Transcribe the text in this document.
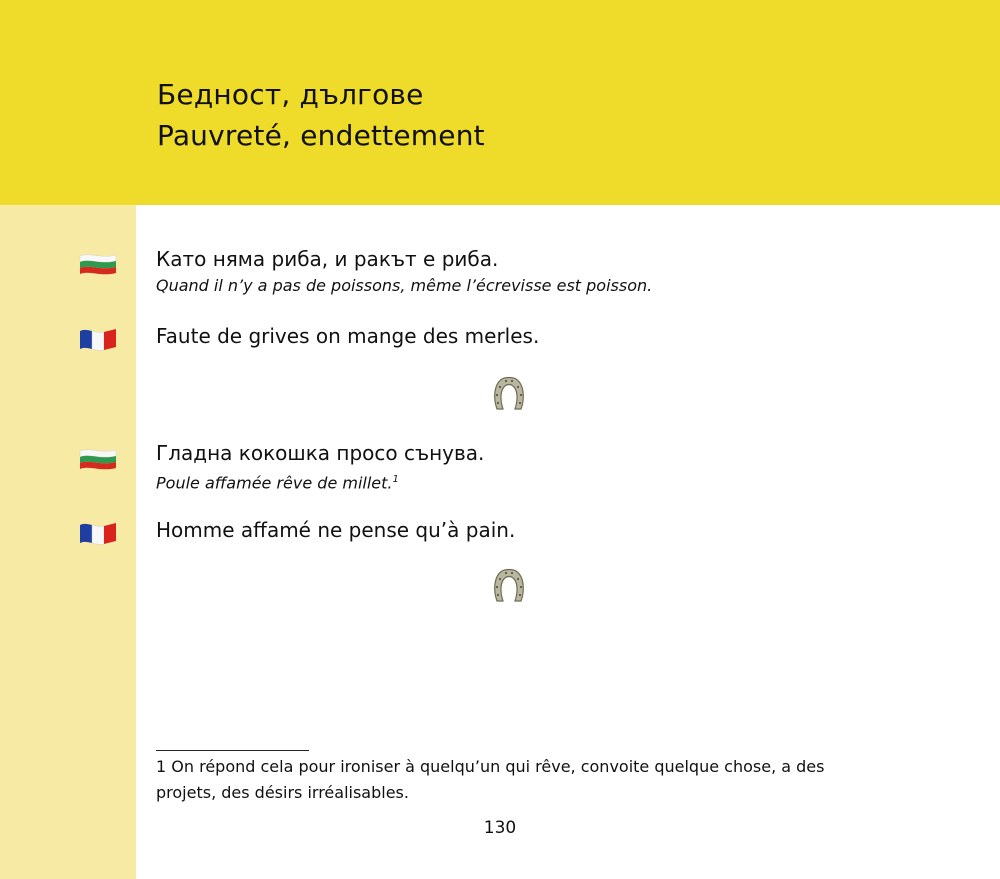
Бедност, дългове
Pauvreté, endettement
Като няма риба, и ракът е риба.
Quand il n’y a pas de poissons, même l’écrevisse est poisson.
Faute de grives on mange des merles.
Гладна кокошка просо сънува.
Poule affamée rêve de millet.$^1$
Homme affamé ne pense qu’à pain.
1 On répond cela pour ironiser à quelqu’un qui rêve, convoite quelque chose, a des projets, des désirs irréalisables.
130
